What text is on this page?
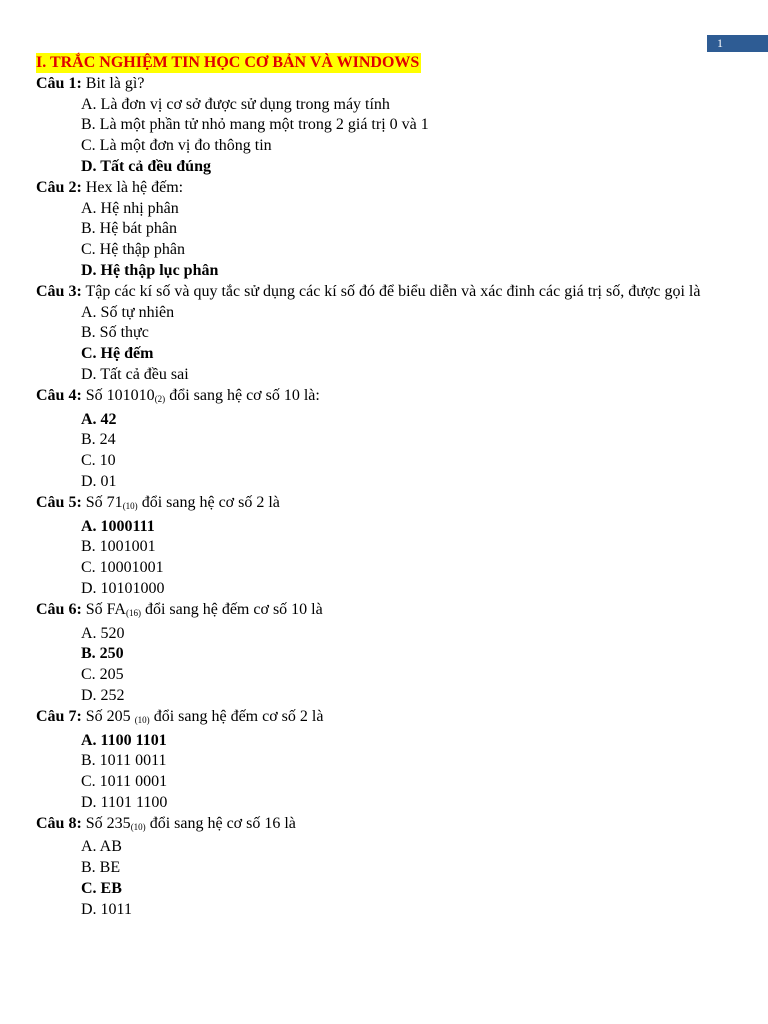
1
I. TRẮC NGHIỆM TIN HỌC CƠ BẢN VÀ WINDOWS

Câu 1: Bit là gì?

A. Là đơn vị cơ sở được sử dụng trong máy tính

B. Là một phần tử nhỏ mang một trong 2 giá trị 0 và 1

C. Là một đơn vị đo thông tin

D. Tất cả đều đúng

Câu 2: Hex là hệ đếm:

A. Hệ nhị phân

B. Hệ bát phân

C. Hệ thập phân

D. Hệ thập lục phân

Câu 3: Tập các kí số và quy tắc sử dụng các kí số đó để biểu diễn và xác đinh các giá trị số, được gọi là

A. Số tự nhiên

B. Số thực

C. Hệ đếm

D. Tất cả đều sai

Câu 4: Số $101010_{(2)}$ đổi sang hệ cơ số 10 là:

A. 42

B. 24

C. 10

D. 01

Câu 5: Số $71_{(10)}$ đổi sang hệ cơ số 2 là

A. 1000111

B. 1001001

C. 10001001

D. 10101000

Câu 6: Số $FA_{(16)}$ đổi sang hệ đếm cơ số 10 là

A. 520

B. 250

C. 205

D. 252

Câu 7: Số 205 $_{(10)}$ đổi sang hệ đếm cơ số 2 là

A. 1100 1101

B. 1011 0011

C. 1011 0001

D. 1101 1100

Câu 8: Số $235_{(10)}$ đổi sang hệ cơ số 16 là

A. AB

B. BE

C. EB

D. 1011
